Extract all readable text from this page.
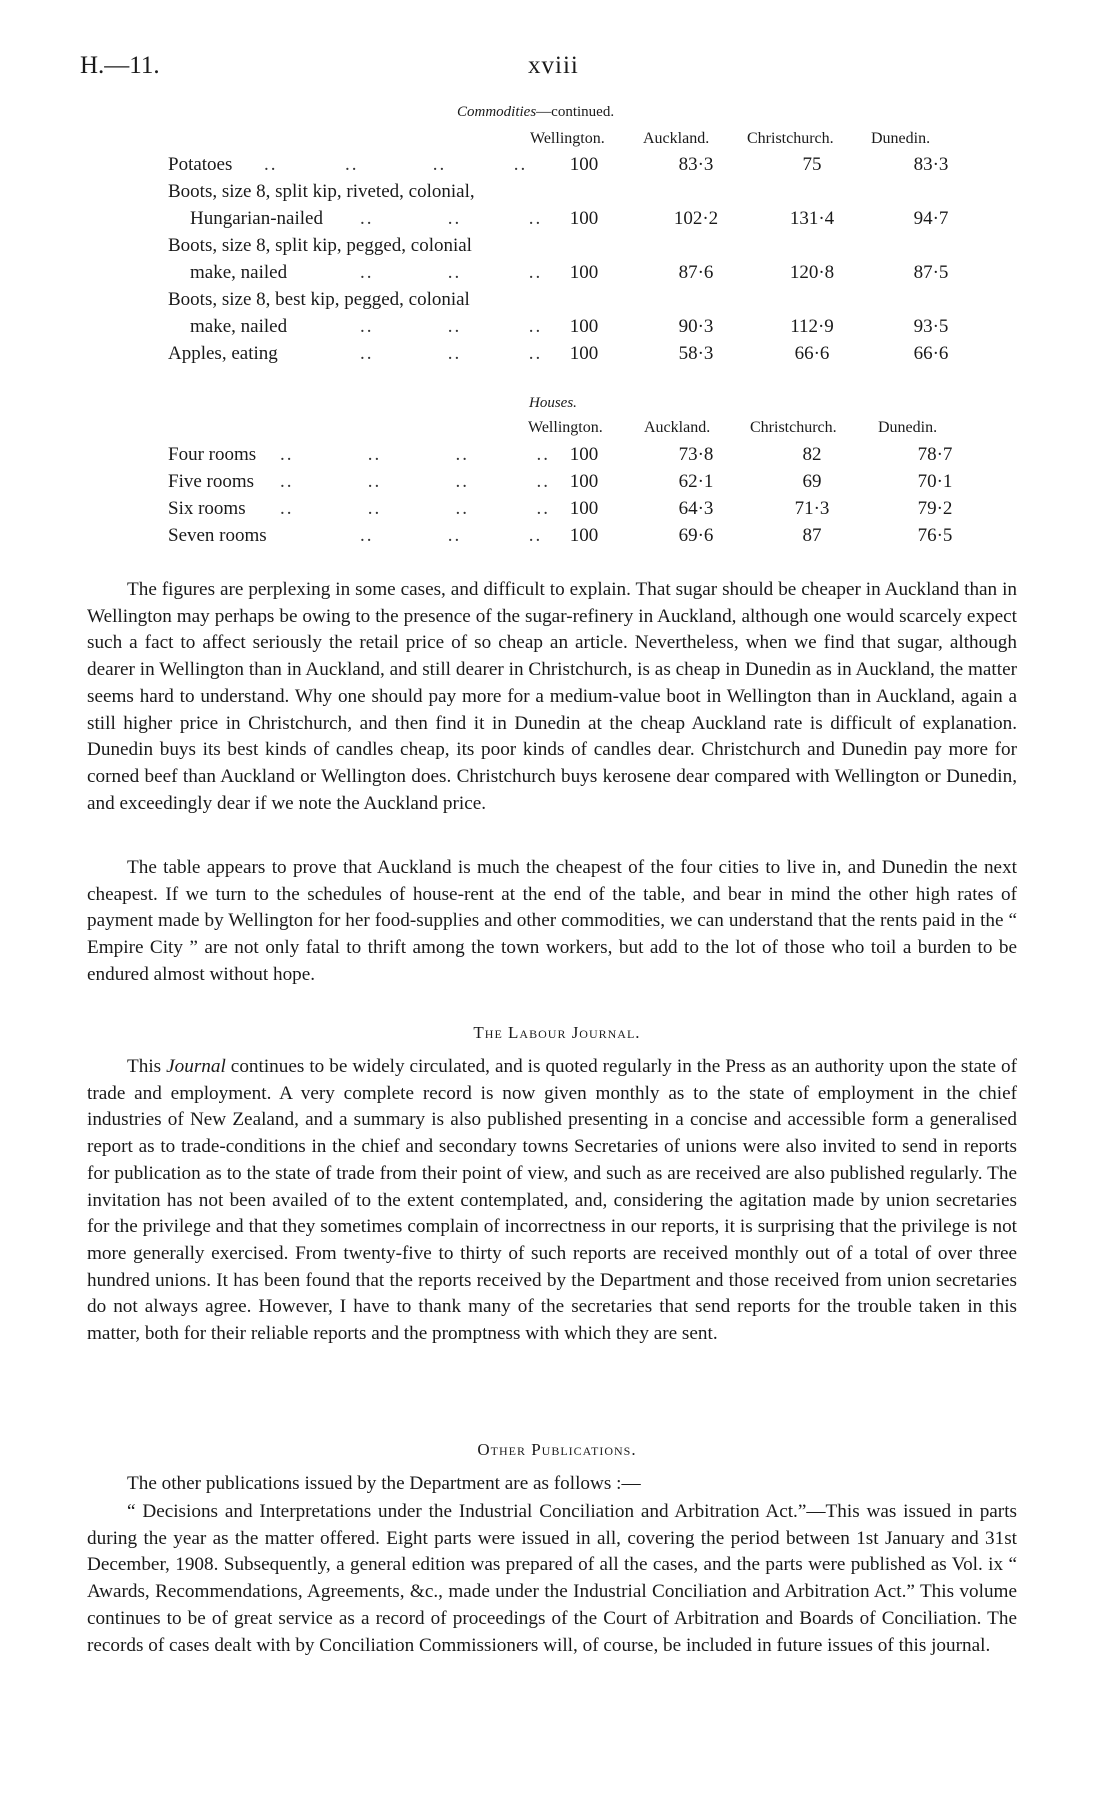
H.—11.	xviii
Commodities—continued.
Wellington. Auckland. Christchurch. Dunedin.
Potatoes ..          ..           ..          ..	100	83·3	75	83·3
Boots, size 8, split kip, riveted, colonial,
Hungarian-nailed ..           ..          ..	100	102·2	131·4	94·7
Boots, size 8, split kip, pegged, colonial
make, nailed	..           ..          ..	100	87·6	120·8	87·5
Boots, size 8, best kip, pegged, colonial
make, nailed	..           ..          ..	100	90·3	112·9	93·5
Apples, eating	..           ..          ..	100	58·3	66·6	66·6
Houses.
Wellington.	Auckland. Christchurch.	Dunedin.
Four rooms ..           ..           ..          ..	100	73·8	82	78·7
Five rooms ..           ..           ..          ..	100	62·1	69	70·1
Six rooms ..           ..           ..          ..	100	64·3	71·3	79·2
Seven rooms	..           ..          ..	100	69·6	87	76·5

The figures are perplexing in some cases, and difficult to explain. That sugar should be cheaper in Auckland than in Wellington may perhaps be owing to the presence of the sugar-refinery in Auckland, although one would scarcely expect such a fact to affect seriously the retail price of so cheap an article. Nevertheless, when we find that sugar, although dearer in Wellington than in Auckland, and still dearer in Christchurch, is as cheap in Dunedin as in Auckland, the matter seems hard to understand. Why one should pay more for a medium-value boot in Wellington than in Auckland, again a still higher price in Christchurch, and then find it in Dunedin at the cheap Auckland rate is difficult of explanation. Dunedin buys its best kinds of candles cheap, its poor kinds of candles dear. Christchurch and Dunedin pay more for corned beef than Auckland or Wellington does. Christchurch buys kerosene dear compared with Wellington or Dunedin, and exceedingly dear if we note the Auckland price.

The table appears to prove that Auckland is much the cheapest of the four cities to live in, and Dunedin the next cheapest. If we turn to the schedules of house-rent at the end of the table, and bear in mind the other high rates of payment made by Wellington for her food-supplies and other commodities, we can understand that the rents paid in the “ Empire City ” are not only fatal to thrift among the town workers, but add to the lot of those who toil a burden to be endured almost without hope.

The Labour Journal.

This Journal continues to be widely circulated, and is quoted regularly in the Press as an authority upon the state of trade and employment. A very complete record is now given monthly as to the state of employment in the chief industries of New Zealand, and a summary is also published presenting in a concise and accessible form a generalised report as to trade-conditions in the chief and secondary towns Secretaries of unions were also invited to send in reports for publication as to the state of trade from their point of view, and such as are received are also published regularly. The invitation has not been availed of to the extent contemplated, and, considering the agitation made by union secretaries for the privilege and that they sometimes complain of incorrectness in our reports, it is surprising that the privilege is not more generally exercised. From twenty-five to thirty of such reports are received monthly out of a total of over three hundred unions. It has been found that the reports received by the Department and those received from union secretaries do not always agree. However, I have to thank many of the secretaries that send reports for the trouble taken in this matter, both for their reliable reports and the promptness with which they are sent.

Other Publications.

The other publications issued by the Department are as follows :—

“ Decisions and Interpretations under the Industrial Conciliation and Arbitration Act.”—This was issued in parts during the year as the matter offered. Eight parts were issued in all, covering the period between 1st January and 31st December, 1908. Subsequently, a general edition was prepared of all the cases, and the parts were published as Vol. ix “ Awards, Recommendations, Agreements, &c., made under the Industrial Conciliation and Arbitration Act.” This volume continues to be of great service as a record of proceedings of the Court of Arbitration and Boards of Conciliation. The records of cases dealt with by Conciliation Commissioners will, of course, be included in future issues of this journal.
